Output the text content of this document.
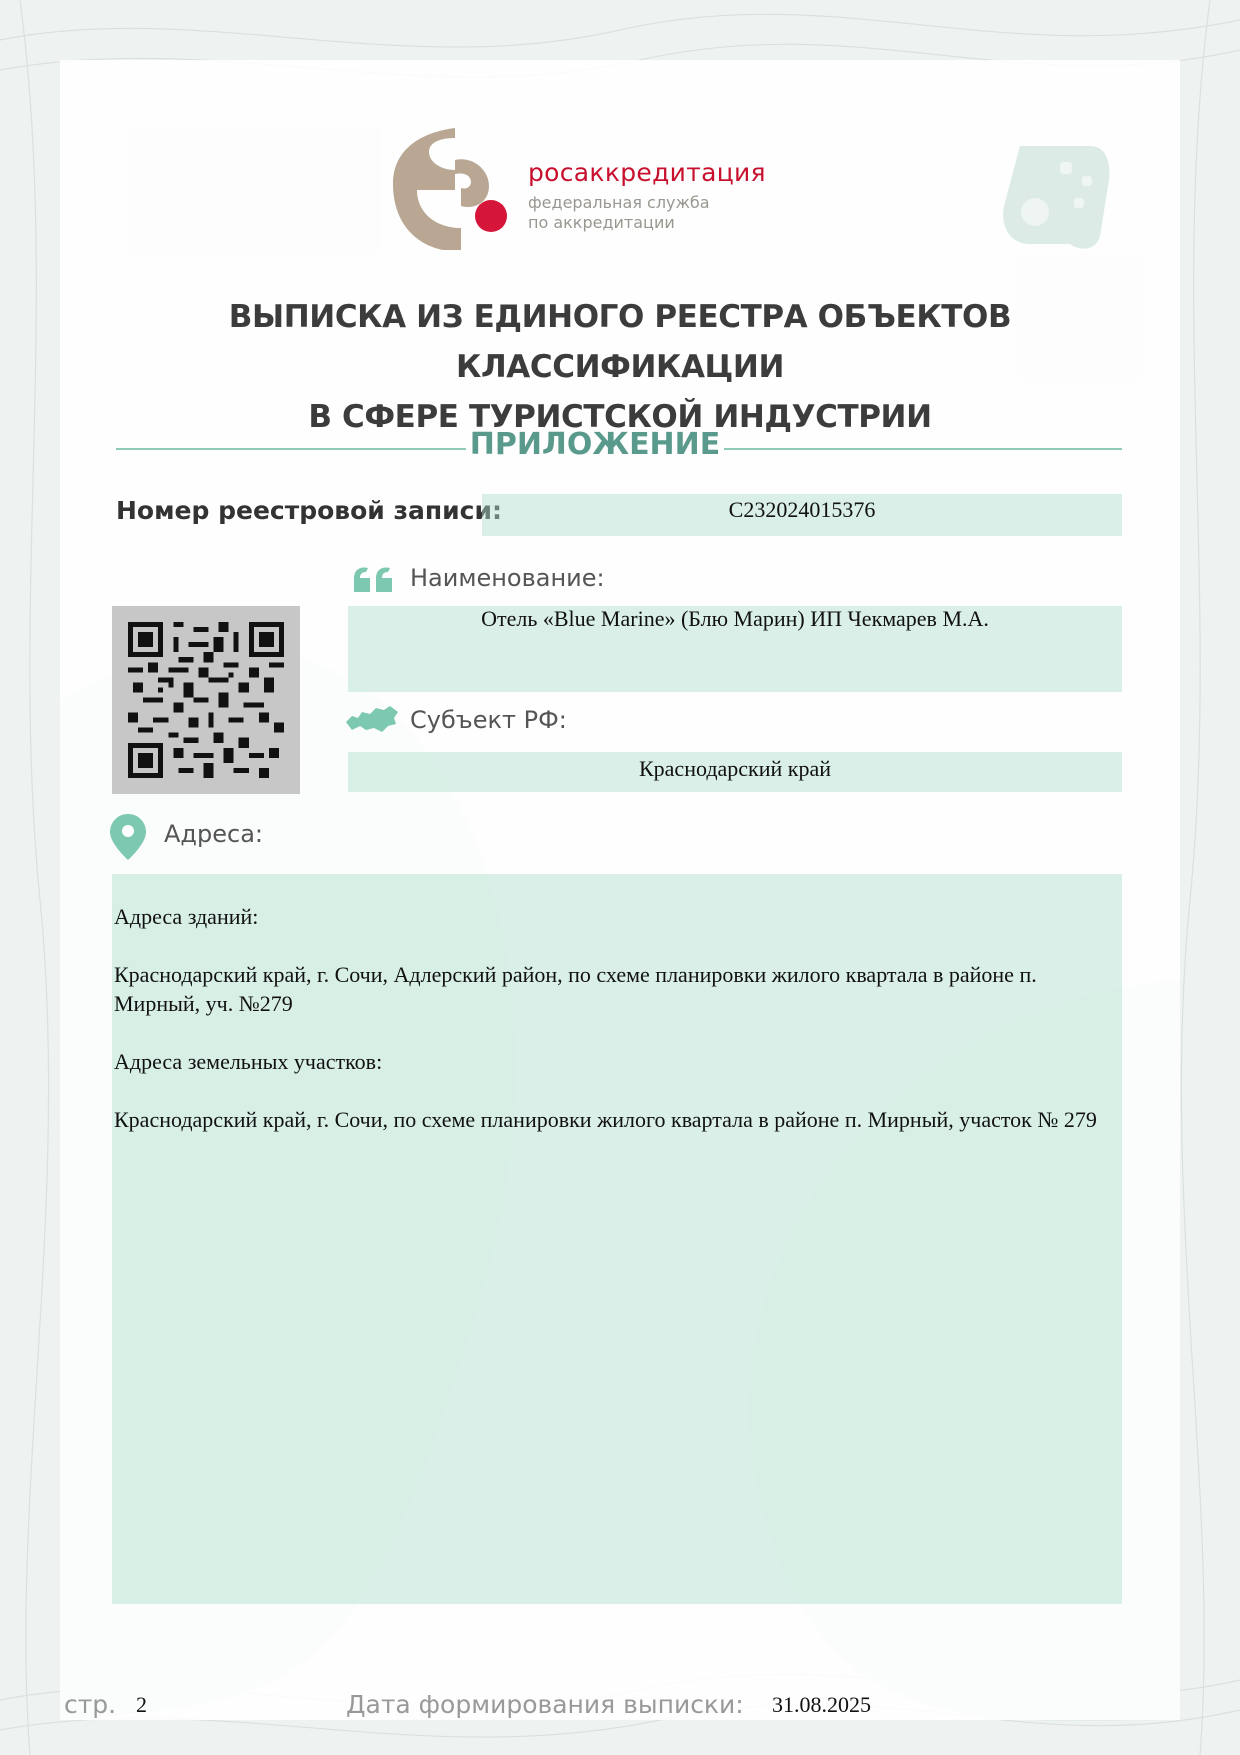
росаккредитация
федеральная служба
по аккредитации
ВЫПИСКА ИЗ ЕДИНОГО РЕЕСТРА ОБЪЕКТОВ КЛАССИФИКАЦИИ
В СФЕРЕ ТУРИСТСКОЙ ИНДУСТРИИ
ПРИЛОЖЕНИЕ
Номер реестровой записи:	C232024015376
Наименование:
Отель «Blue Marine» (Блю Марин) ИП Чекмарев М.А.
Субъект РФ:
Краснодарский край
Адреса:

Адреса зданий:

Краснодарский край, г. Сочи, Адлерский район, по схеме планировки жилого квартала в районе п. Мирный, уч. №279

Адреса земельных участков:

Краснодарский край, г. Сочи, по схеме планировки жилого квартала в районе п. Мирный, участок № 279

стр. 2	Дата формирования выписки: 31.08.2025
